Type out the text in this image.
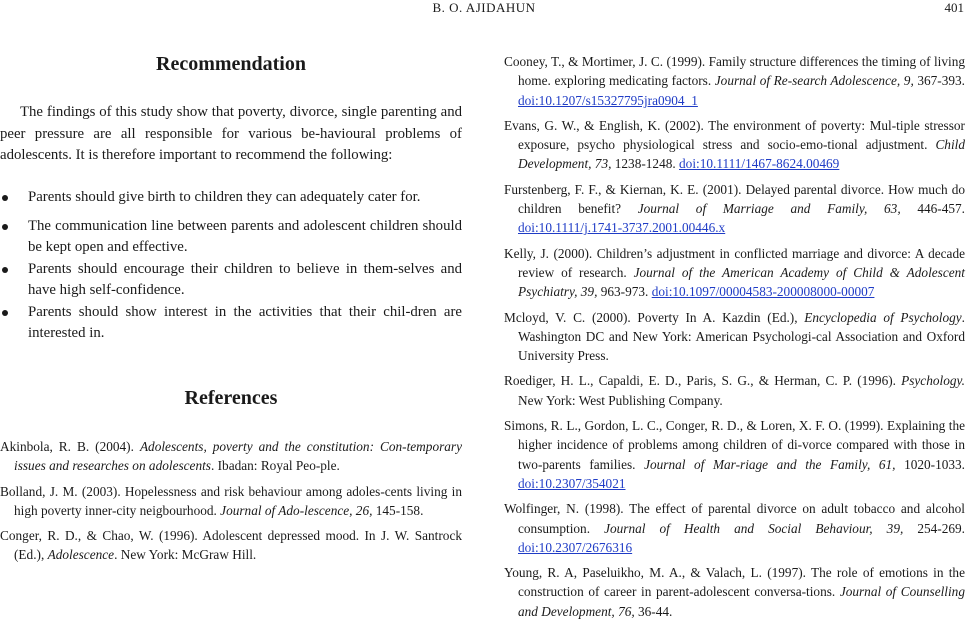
B. O. AJIDAHUN	401
Recommendation

The findings of this study show that poverty, divorce, single parenting and peer pressure are all responsible for various be-havioural problems of adolescents. It is therefore important to recommend the following:

Parents should give birth to children they can adequately cater for.
The communication line between parents and adolescent children should be kept open and effective.
Parents should encourage their children to believe in them-selves and have high self-confidence.
Parents should show interest in the activities that their chil-dren are interested in.
References
Akinbola, R. B. (2004). Adolescents, poverty and the constitution: Con-temporary issues and researches on adolescents. Ibadan: Royal Peo-ple.
Bolland, J. M. (2003). Hopelessness and risk behaviour among adoles-cents living in high poverty inner-city neigbourhood. Journal of Ado-lescence, 26, 145-158.
Conger, R. D., & Chao, W. (1996). Adolescent depressed mood. In J. W. Santrock (Ed.), Adolescence. New York: McGraw Hill.
Cooney, T., & Mortimer, J. C. (1999). Family structure differences the timing of living home. exploring medicating factors. Journal of Re-search Adolescence, 9, 367-393. doi:10.1207/s15327795jra0904_1
Evans, G. W., & English, K. (2002). The environment of poverty: Mul-tiple stressor exposure, psycho physiological stress and socio-emo-tional adjustment. Child Development, 73, 1238-1248. doi:10.1111/1467-8624.00469
Furstenberg, F. F., & Kiernan, K. E. (2001). Delayed parental divorce. How much do children benefit? Journal of Marriage and Family, 63, 446-457. doi:10.1111/j.1741-3737.2001.00446.x
Kelly, J. (2000). Children’s adjustment in conflicted marriage and divorce: A decade review of research. Journal of the American Academy of Child & Adolescent Psychiatry, 39, 963-973. doi:10.1097/00004583-200008000-00007
Mcloyd, V. C. (2000). Poverty In A. Kazdin (Ed.), Encyclopedia of Psychology. Washington DC and New York: American Psychologi-cal Association and Oxford University Press.
Roediger, H. L., Capaldi, E. D., Paris, S. G., & Herman, C. P. (1996). Psychology. New York: West Publishing Company.
Simons, R. L., Gordon, L. C., Conger, R. D., & Loren, X. F. O. (1999). Explaining the higher incidence of problems among children of di-vorce compared with those in two-parents families. Journal of Mar-riage and the Family, 61, 1020-1033. doi:10.2307/354021
Wolfinger, N. (1998). The effect of parental divorce on adult tobacco and alcohol consumption. Journal of Health and Social Behaviour, 39, 254-269. doi:10.2307/2676316
Young, R. A, Paseluikho, M. A., & Valach, L. (1997). The role of emotions in the construction of career in parent-adolescent conversa-tions. Journal of Counselling and Development, 76, 36-44.
